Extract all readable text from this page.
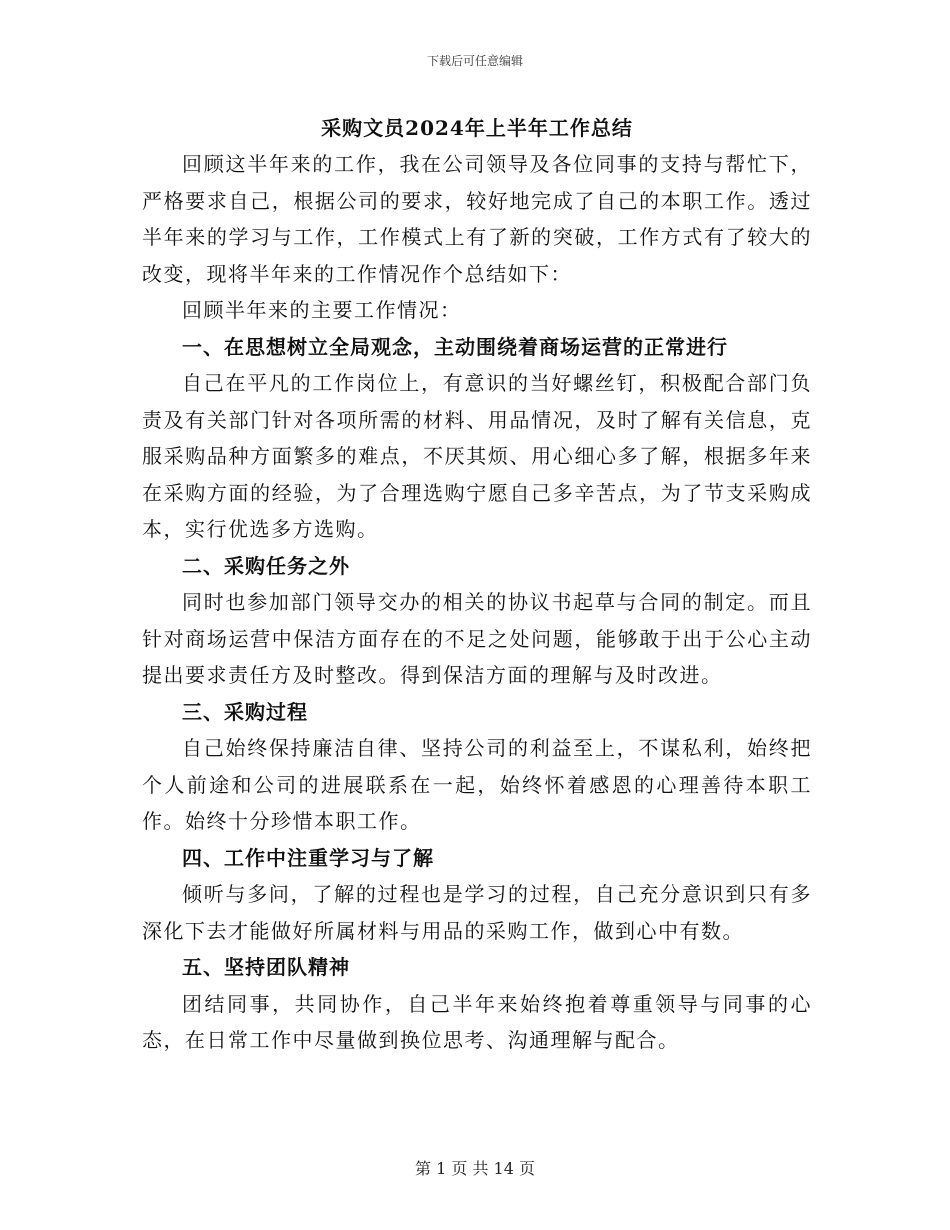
下载后可任意编辑
采购文员2024年上半年工作总结

回顾这半年来的工作，我在公司领导及各位同事的支持与帮忙下，严格要求自己，根据公司的要求，较好地完成了自己的本职工作。透过半年来的学习与工作，工作模式上有了新的突破，工作方式有了较大的改变，现将半年来的工作情况作个总结如下：

回顾半年来的主要工作情况：

一、在思想树立全局观念，主动围绕着商场运营的正常进行

自己在平凡的工作岗位上，有意识的当好螺丝钉，积极配合部门负责及有关部门针对各项所需的材料、用品情况，及时了解有关信息，克服采购品种方面繁多的难点，不厌其烦、用心细心多了解，根据多年来在采购方面的经验，为了合理选购宁愿自己多辛苦点，为了节支采购成本，实行优选多方选购。

二、采购任务之外

同时也参加部门领导交办的相关的协议书起草与合同的制定。而且针对商场运营中保洁方面存在的不足之处问题，能够敢于出于公心主动提出要求责任方及时整改。得到保洁方面的理解与及时改进。

三、采购过程

自己始终保持廉洁自律、坚持公司的利益至上，不谋私利，始终把个人前途和公司的进展联系在一起，始终怀着感恩的心理善待本职工作。始终十分珍惜本职工作。

四、工作中注重学习与了解

倾听与多问，了解的过程也是学习的过程，自己充分意识到只有多深化下去才能做好所属材料与用品的采购工作，做到心中有数。

五、坚持团队精神

团结同事，共同协作，自己半年来始终抱着尊重领导与同事的心态，在日常工作中尽量做到换位思考、沟通理解与配合。

第 1 页 共 14 页
